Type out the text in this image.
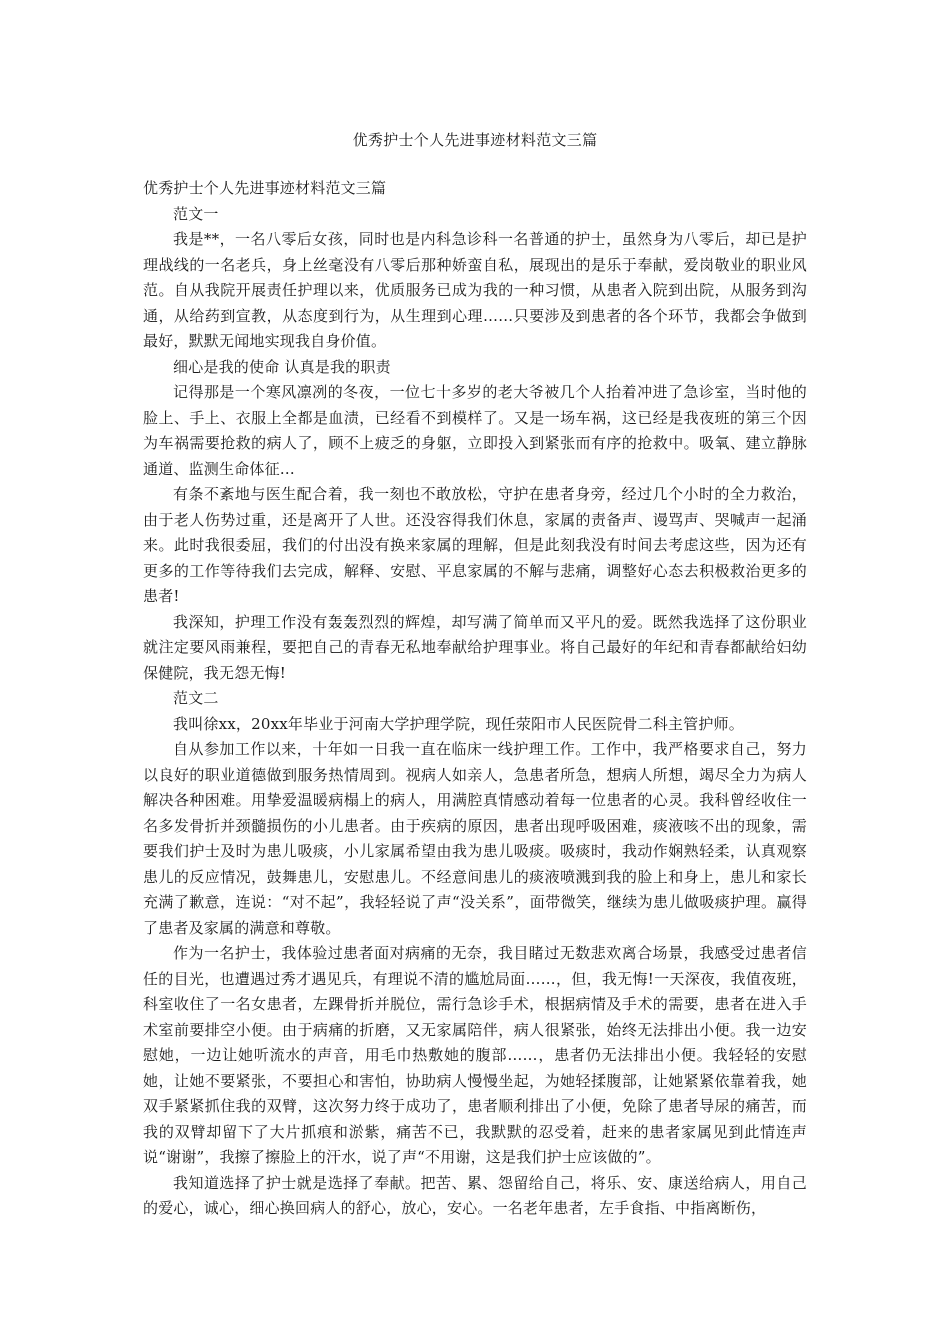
优秀护士个人先进事迹材料范文三篇

优秀护士个人先进事迹材料范文三篇

范文一

我是**，一名八零后女孩，同时也是内科急诊科一名普通的护士，虽然身为八零后，却已是护理战线的一名老兵，身上丝毫没有八零后那种娇蛮自私，展现出的是乐于奉献，爱岗敬业的职业风范。自从我院开展责任护理以来，优质服务已成为我的一种习惯，从患者入院到出院，从服务到沟通，从给药到宣教，从态度到行为，从生理到心理……只要涉及到患者的各个环节，我都会争做到最好，默默无闻地实现我自身价值。

细心是我的使命 认真是我的职责

记得那是一个寒风凛冽的冬夜，一位七十多岁的老大爷被几个人抬着冲进了急诊室，当时他的脸上、手上、衣服上全都是血渍，已经看不到模样了。又是一场车祸，这已经是我夜班的第三个因为车祸需要抢救的病人了，顾不上疲乏的身躯，立即投入到紧张而有序的抢救中。吸氧、建立静脉通道、监测生命体征…

有条不紊地与医生配合着，我一刻也不敢放松，守护在患者身旁，经过几个小时的全力救治，由于老人伤势过重，还是离开了人世。还没容得我们休息，家属的责备声、谩骂声、哭喊声一起涌来。此时我很委屈，我们的付出没有换来家属的理解，但是此刻我没有时间去考虑这些，因为还有更多的工作等待我们去完成，解释、安慰、平息家属的不解与悲痛，调整好心态去积极救治更多的患者!

我深知，护理工作没有轰轰烈烈的辉煌，却写满了简单而又平凡的爱。既然我选择了这份职业就注定要风雨兼程，要把自己的青春无私地奉献给护理事业。将自己最好的年纪和青春都献给妇幼保健院，我无怨无悔!

范文二

我叫徐xx，20xx年毕业于河南大学护理学院，现任荥阳市人民医院骨二科主管护师。

自从参加工作以来，十年如一日我一直在临床一线护理工作。工作中，我严格要求自己，努力以良好的职业道德做到服务热情周到。视病人如亲人，急患者所急，想病人所想，竭尽全力为病人解决各种困难。用挚爱温暖病榻上的病人，用满腔真情感动着每一位患者的心灵。我科曾经收住一名多发骨折并颈髓损伤的小儿患者。由于疾病的原因，患者出现呼吸困难，痰液咳不出的现象，需要我们护士及时为患儿吸痰，小儿家属希望由我为患儿吸痰。吸痰时，我动作娴熟轻柔，认真观察患儿的反应情况，鼓舞患儿，安慰患儿。不经意间患儿的痰液喷溅到我的脸上和身上，患儿和家长充满了歉意，连说：“对不起”，我轻轻说了声“没关系”，面带微笑，继续为患儿做吸痰护理。赢得了患者及家属的满意和尊敬。

作为一名护士，我体验过患者面对病痛的无奈，我目睹过无数悲欢离合场景，我感受过患者信任的目光，也遭遇过秀才遇见兵，有理说不清的尴尬局面……，但，我无悔!一天深夜，我值夜班，科室收住了一名女患者，左踝骨折并脱位，需行急诊手术，根据病情及手术的需要，患者在进入手术室前要排空小便。由于病痛的折磨，又无家属陪伴，病人很紧张，始终无法排出小便。我一边安慰她，一边让她听流水的声音，用毛巾热敷她的腹部……，患者仍无法排出小便。我轻轻的安慰她，让她不要紧张，不要担心和害怕，协助病人慢慢坐起，为她轻揉腹部，让她紧紧依靠着我，她双手紧紧抓住我的双臂，这次努力终于成功了，患者顺利排出了小便，免除了患者导尿的痛苦，而我的双臂却留下了大片抓痕和淤紫，痛苦不已，我默默的忍受着，赶来的患者家属见到此情连声说“谢谢”，我擦了擦脸上的汗水，说了声“不用谢，这是我们护士应该做的”。

我知道选择了护士就是选择了奉献。把苦、累、怨留给自己，将乐、安、康送给病人，用自己的爱心，诚心，细心换回病人的舒心，放心，安心。一名老年患者，左手食指、中指离断伤，
